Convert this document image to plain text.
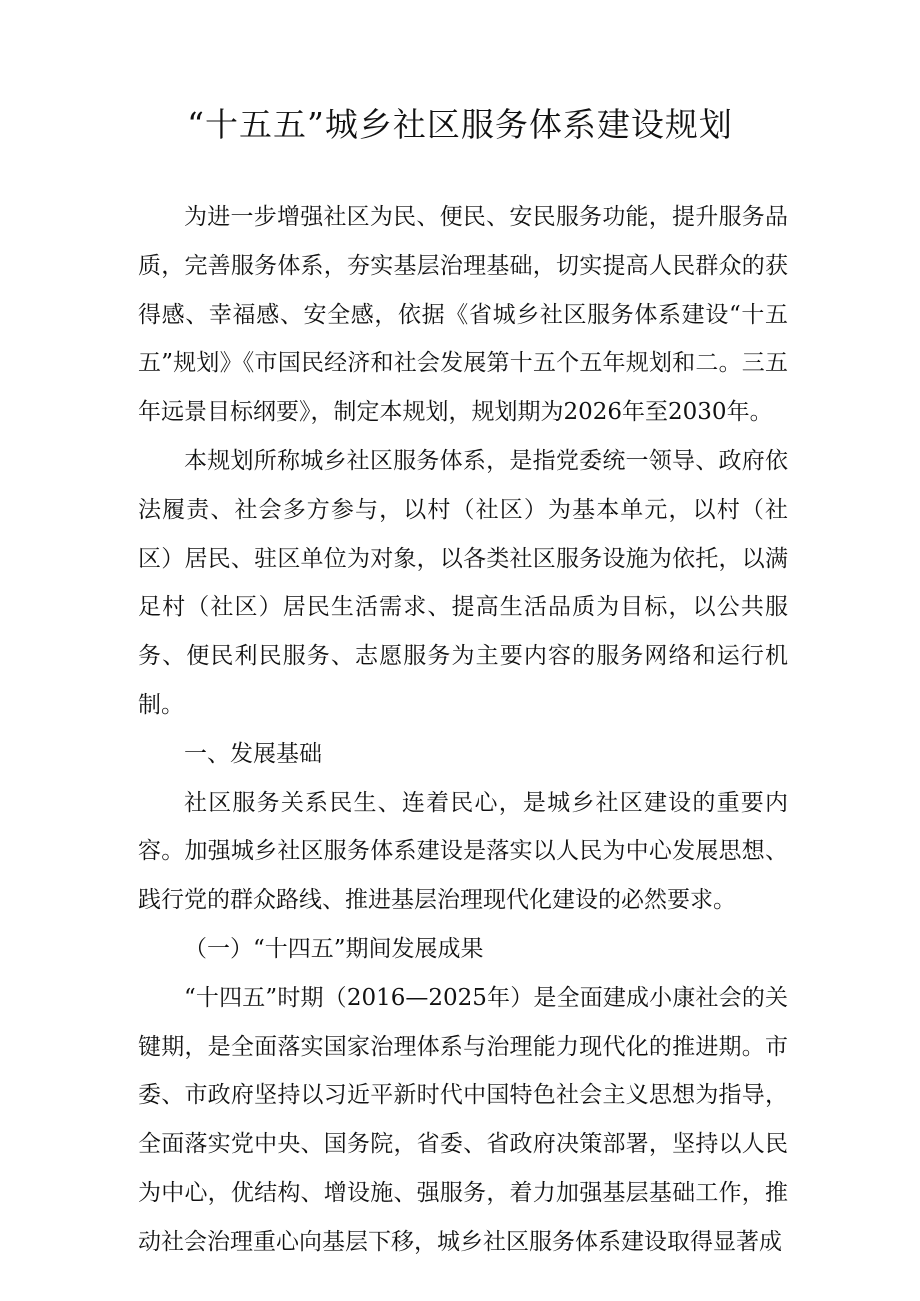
“十五五”城乡社区服务体系建设规划

为进一步增强社区为民、便民、安民服务功能，提升服务品质，完善服务体系，夯实基层治理基础，切实提高人民群众的获得感、幸福感、安全感，依据《省城乡社区服务体系建设“十五五”规划》《市国民经济和社会发展第十五个五年规划和二。三五年远景目标纲要》，制定本规划，规划期为2026年至2030年。

本规划所称城乡社区服务体系，是指党委统一领导、政府依法履责、社会多方参与，以村（社区）为基本单元，以村（社区）居民、驻区单位为对象，以各类社区服务设施为依托，以满足村（社区）居民生活需求、提高生活品质为目标，以公共服务、便民利民服务、志愿服务为主要内容的服务网络和运行机制。

一、发展基础

社区服务关系民生、连着民心，是城乡社区建设的重要内容。加强城乡社区服务体系建设是落实以人民为中心发展思想、践行党的群众路线、推进基层治理现代化建设的必然要求。

（一）“十四五”期间发展成果

“十四五”时期（2016—2025年）是全面建成小康社会的关键期，是全面落实国家治理体系与治理能力现代化的推进期。市委、市政府坚持以习近平新时代中国特色社会主义思想为指导，全面落实党中央、国务院，省委、省政府决策部署，坚持以人民为中心，优结构、增设施、强服务，着力加强基层基础工作，推动社会治理重心向基层下移，城乡社区服务体系建设取得显著成
